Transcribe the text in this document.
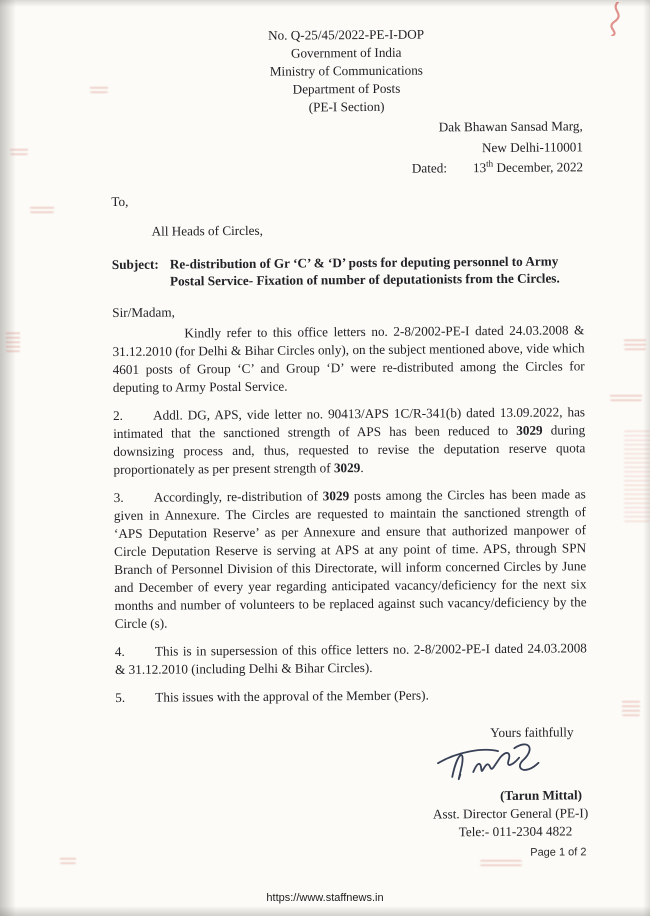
No. Q-25/45/2022-PE-I-DOP
Government of India
Ministry of Communications
Department of Posts
(PE-I Section)
Dak Bhawan Sansad Marg,
New Delhi-110001
Dated: 13th December, 2022
To,
All Heads of Circles,
Subject: Re-distribution of Gr ‘C’ & ‘D’ posts for deputing personnel to Army Postal Service- Fixation of number of deputationists from the Circles.
Sir/Madam,

Kindly refer to this office letters no. 2-8/2002-PE-I dated 24.03.2008 & 31.12.2010 (for Delhi & Bihar Circles only), on the subject mentioned above, vide which 4601 posts of Group ‘C’ and Group ‘D’ were re-distributed among the Circles for deputing to Army Postal Service.

2. Addl. DG, APS, vide letter no. 90413/APS 1C/R-341(b) dated 13.09.2022, has intimated that the sanctioned strength of APS has been reduced to 3029 during downsizing process and, thus, requested to revise the deputation reserve quota proportionately as per present strength of 3029.

3. Accordingly, re-distribution of 3029 posts among the Circles has been made as given in Annexure. The Circles are requested to maintain the sanctioned strength of ‘APS Deputation Reserve’ as per Annexure and ensure that authorized manpower of Circle Deputation Reserve is serving at APS at any point of time. APS, through SPN Branch of Personnel Division of this Directorate, will inform concerned Circles by June and December of every year regarding anticipated vacancy/deficiency for the next six months and number of volunteers to be replaced against such vacancy/deficiency by the Circle (s).

4. This is in supersession of this office letters no. 2-8/2002-PE-I dated 24.03.2008 & 31.12.2010 (including Delhi & Bihar Circles).

5. This issues with the approval of the Member (Pers).

Yours faithfully
(Tarun Mittal)
Asst. Director General (PE-I)
Tele:- 011-2304 4822
Page 1 of 2
https://www.staffnews.in
